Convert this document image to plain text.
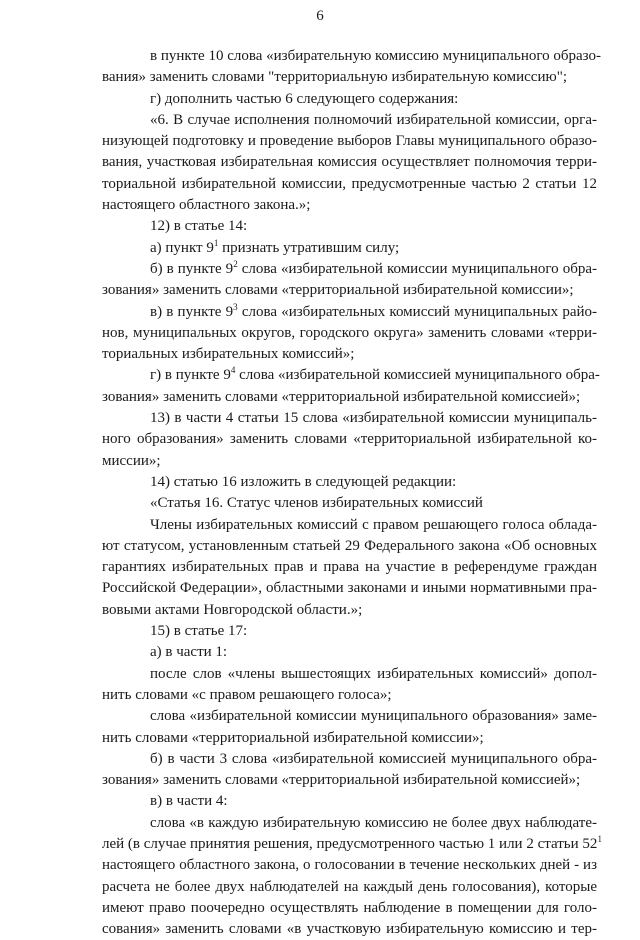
6
в пункте 10 слова «избирательную комиссию муниципального образо-
вания» заменить словами "территориальную избирательную комиссию";
г) дополнить частью 6 следующего содержания:
«6. В случае исполнения полномочий избирательной комиссии, орга-
низующей подготовку и проведение выборов Главы муниципального образо-
вания, участковая избирательная комиссия осуществляет полномочия терри-
ториальной избирательной комиссии, предусмотренные частью 2 статьи 12
настоящего областного закона.»;
12) в статье 14:
а) пункт $9^1$ признать утратившим силу;
б) в пункте $9^2$ слова «избирательной комиссии муниципального обра-
зования» заменить словами «территориальной избирательной комиссии»;
в) в пункте $9^3$ слова «избирательных комиссий муниципальных райо-
нов, муниципальных округов, городского округа» заменить словами «терри-
ториальных избирательных комиссий»;
г) в пункте $9^4$ слова «избирательной комиссией муниципального обра-
зования» заменить словами «территориальной избирательной комиссией»;
13) в части 4 статьи 15 слова «избирательной комиссии муниципаль-
ного образования» заменить словами «территориальной избирательной ко-
миссии»;
14) статью 16 изложить в следующей редакции:
«Статья 16. Статус членов избирательных комиссий
Члены избирательных комиссий с правом решающего голоса облада-
ют статусом, установленным статьей 29 Федерального закона «Об основных
гарантиях избирательных прав и права на участие в референдуме граждан
Российской Федерации», областными законами и иными нормативными пра-
вовыми актами Новгородской области.»;
15) в статье 17:
а) в части 1:
после слов «члены вышестоящих избирательных комиссий» допол-
нить словами «с правом решающего голоса»;
слова «избирательной комиссии муниципального образования» заме-
нить словами «территориальной избирательной комиссии»;
б) в части 3 слова «избирательной комиссией муниципального обра-
зования» заменить словами «территориальной избирательной комиссией»;
в) в части 4:
слова «в каждую избирательную комиссию не более двух наблюдате-
лей (в случае принятия решения, предусмотренного частью 1 или 2 статьи $52^1$
настоящего областного закона, о голосовании в течение нескольких дней - из
расчета не более двух наблюдателей на каждый день голосования), которые
имеют право поочередно осуществлять наблюдение в помещении для голо-
сования» заменить словами «в участковую избирательную комиссию и тер-
